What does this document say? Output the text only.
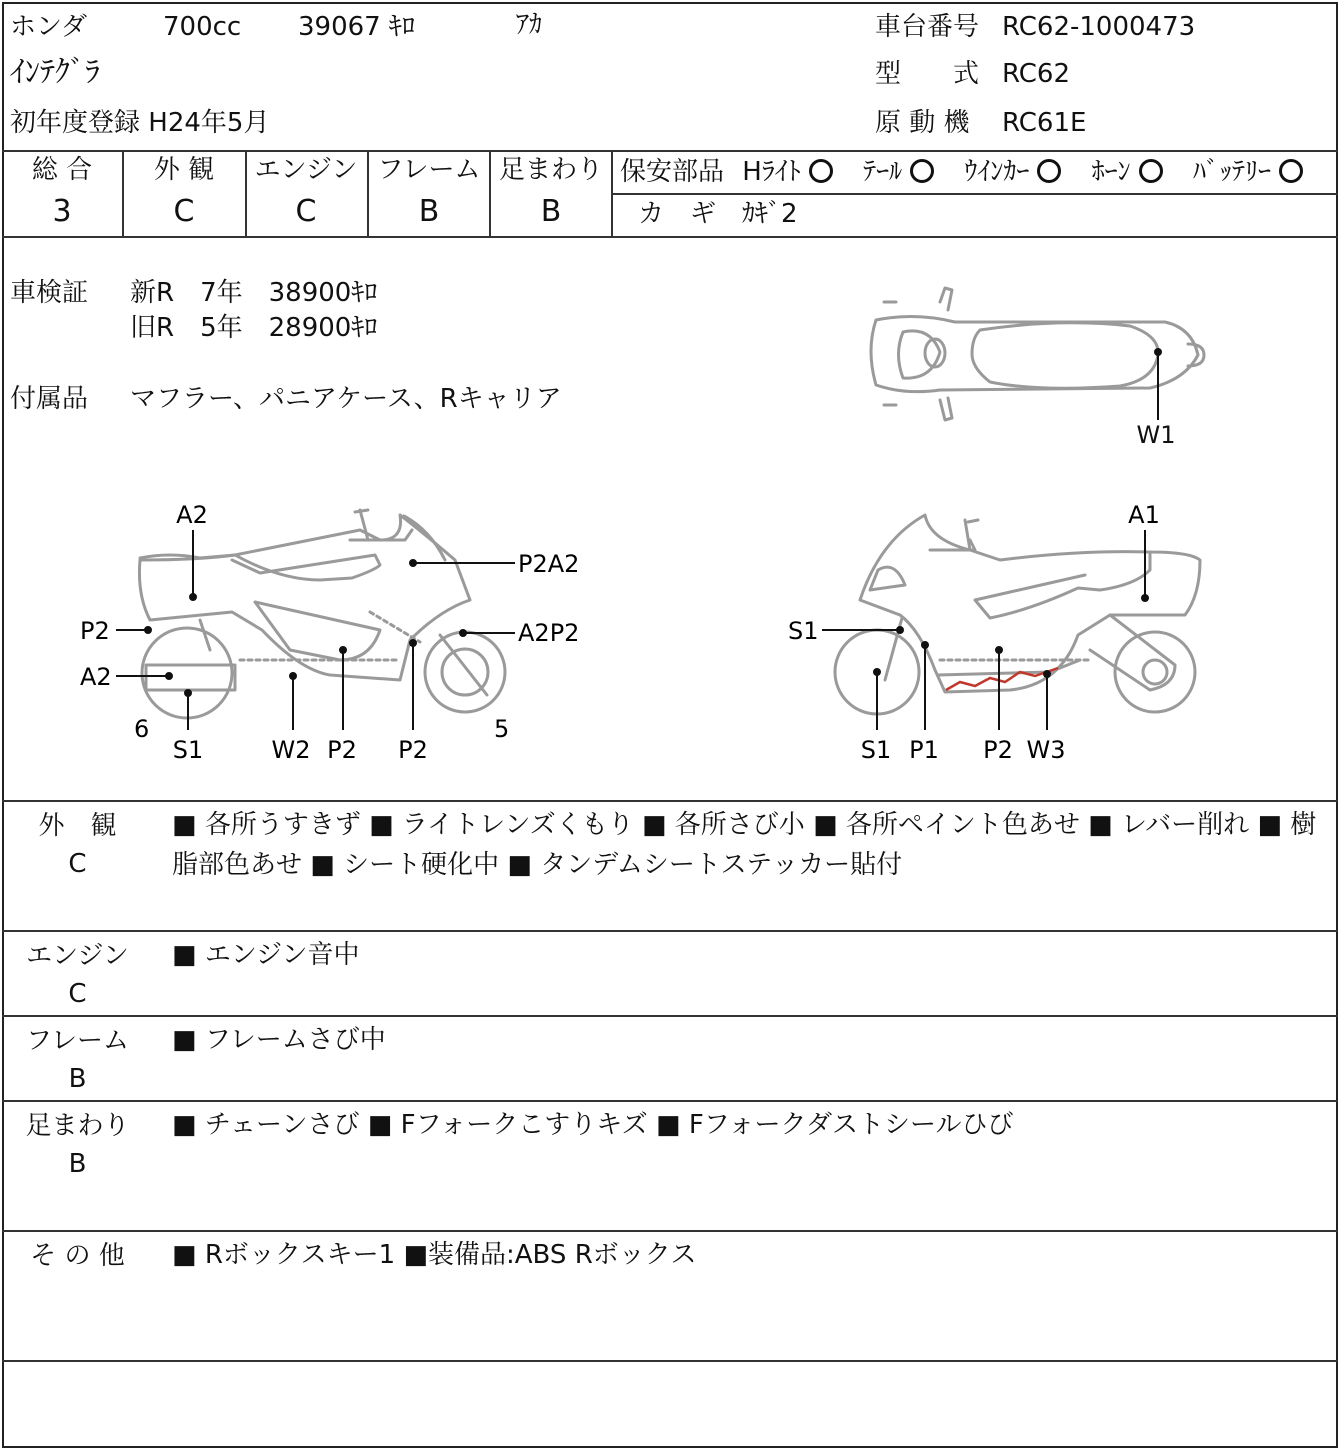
ホンダ	700cc 39067 ｷﾛ	ｱｶ
ｲﾝﾃｸﾞﾗ
初年度登録 H24年5月
車台番号 RC62-1000473
型　　式 RC62
原 動 機 RC61E
総 合
3
外 観
C
エンジン
C
フレーム
B
足まわり
B
保安部品 Hﾗｲﾄ ﾃｰﾙ ｳｲﾝｶｰ ﾎｰﾝ ﾊﾞｯﾃﾘｰ
カ　ギ　ｶｷﾞ2
車検証 新R　7年　38900ｷﾛ
旧R　5年　28900ｷﾛ
付属品 マフラー、パニアケース、Rキャリア
W1
A2
P2A2
P2	A2P2
A2
6
S1	W2 P2 P2
5
A1
S1
S1 P1 P2 W3
外　観
C
■ 各所うすきず ■ ライトレンズくもり ■ 各所さび小 ■ 各所ペイント色あせ ■ レバー削れ ■ 樹脂部色あせ ■ シート硬化中 ■ タンデムシートステッカー貼付
エンジン
C
■ エンジン音中
フレーム
B
■ フレームさび中
足まわり
B
■ チェーンさび ■ Fフォークこすりキズ ■ Fフォークダストシールひび
そ の 他	■ Rボックスキー1 ■装備品:ABS Rボックス
